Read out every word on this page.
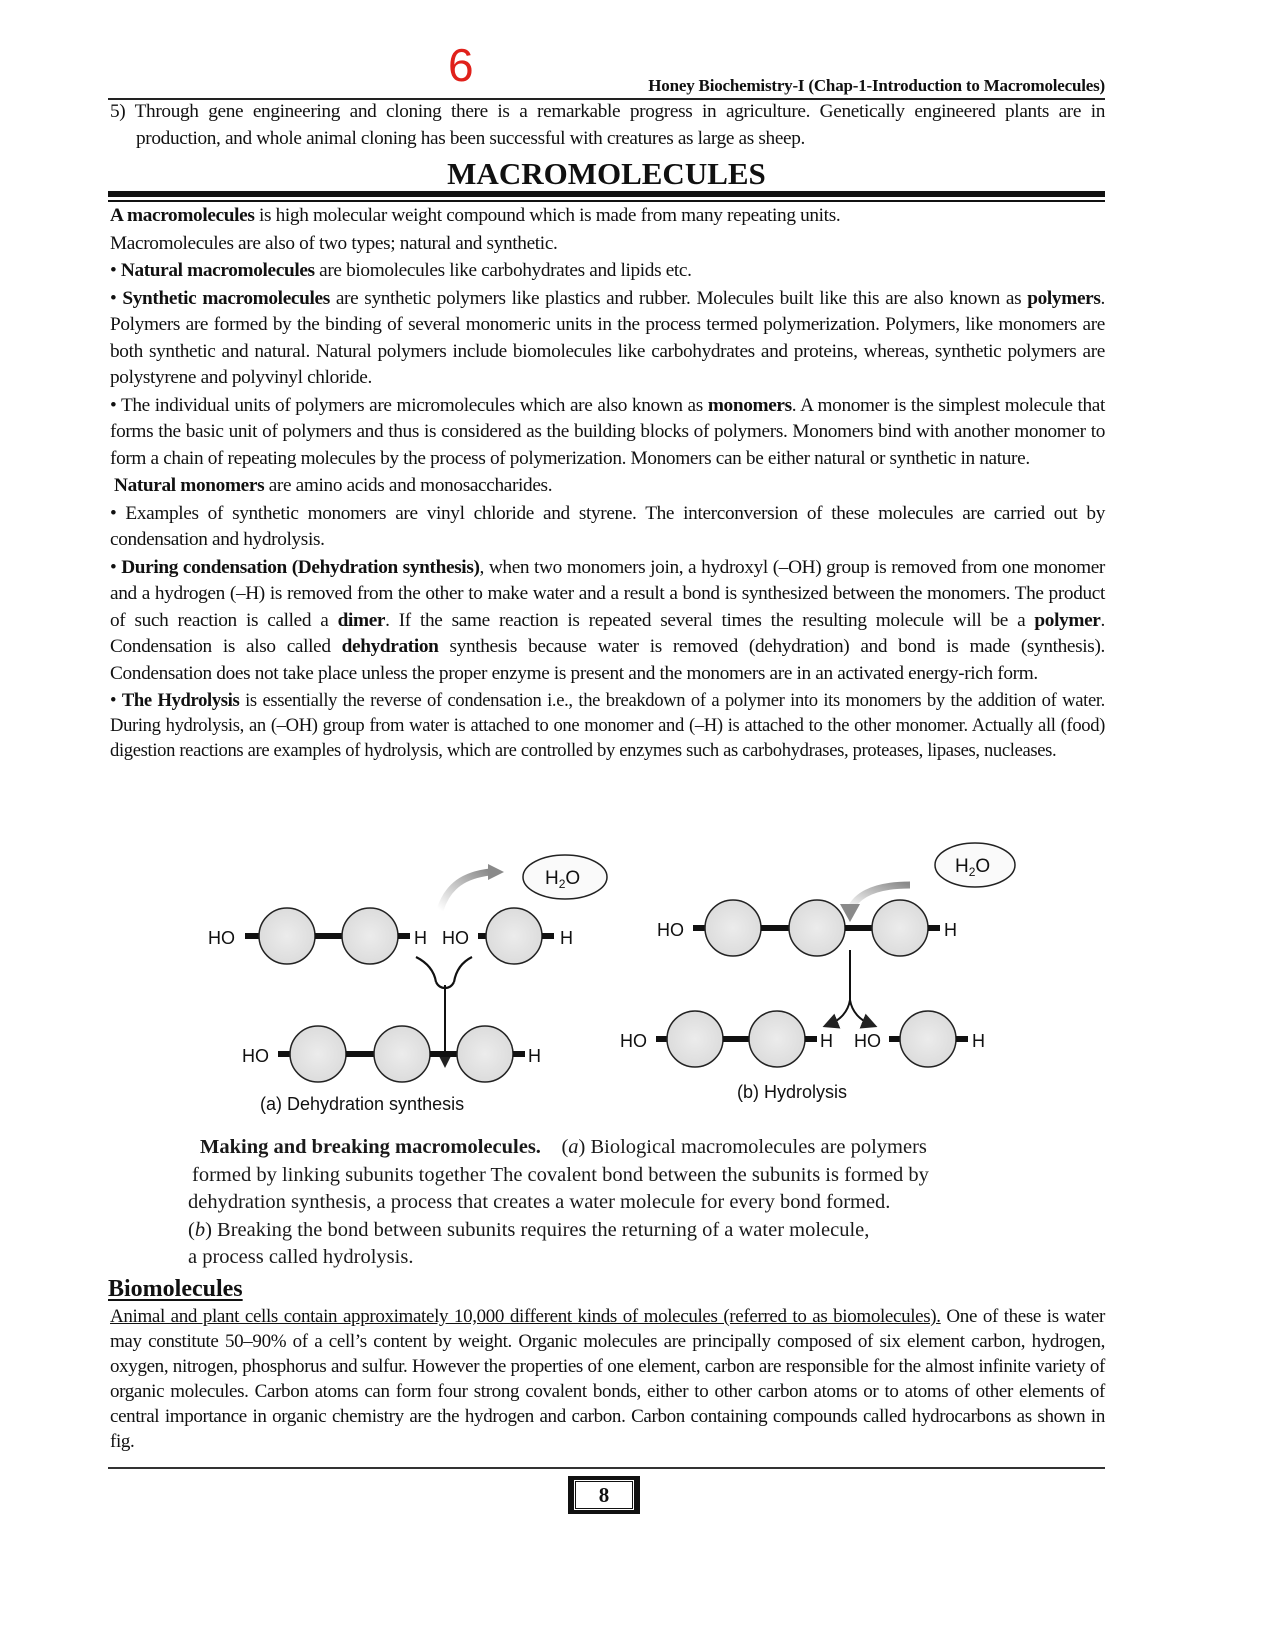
6	Honey Biochemistry-I (Chap-1-Introduction to Macromolecules)

5) Through gene engineering and cloning there is a remarkable progress in agriculture. Genetically engineered plants are in production, and whole animal cloning has been successful with creatures as large as sheep.

MACROMOLECULES

A macromolecules is high molecular weight compound which is made from many repeating units.

Macromolecules are also of two types; natural and synthetic.

• Natural macromolecules are biomolecules like carbohydrates and lipids etc.

• Synthetic macromolecules are synthetic polymers like plastics and rubber. Molecules built like this are also known as polymers. Polymers are formed by the binding of several monomeric units in the process termed polymerization. Polymers, like monomers are both synthetic and natural. Natural polymers include biomolecules like carbohydrates and proteins, whereas, synthetic polymers are polystyrene and polyvinyl chloride.

• The individual units of polymers are micromolecules which are also known as monomers. A monomer is the simplest molecule that forms the basic unit of polymers and thus is considered as the building blocks of polymers. Monomers bind with another monomer to form a chain of repeating molecules by the process of polymerization. Monomers can be either natural or synthetic in nature.

Natural monomers are amino acids and monosaccharides.

• Examples of synthetic monomers are vinyl chloride and styrene. The interconversion of these molecules are carried out by condensation and hydrolysis.

• During condensation (Dehydration synthesis), when two monomers join, a hydroxyl (–OH) group is removed from one monomer and a hydrogen (–H) is removed from the other to make water and a result a bond is synthesized between the monomers. The product of such reaction is called a dimer. If the same reaction is repeated several times the resulting molecule will be a polymer. Condensation is also called dehydration synthesis because water is removed (dehydration) and bond is made (synthesis). Condensation does not take place unless the proper enzyme is present and the monomers are in an activated energy-rich form.

• The Hydrolysis is essentially the reverse of condensation i.e., the breakdown of a polymer into its monomers by the addition of water. During hydrolysis, an (–OH) group from water is attached to one monomer and (–H) is attached to the other monomer. Actually all (food) digestion reactions are examples of hydrolysis, which are controlled by enzymes such as carbohydrases, proteases, lipases, nucleases.

$H_2O$
HO	H HO	H
HO	H
(a) Dehydration synthesis
$H_2O$
HO	H
HO	H HO	H
(b) Hydrolysis
Making and breaking macromolecules.    (a) Biological macromolecules are polymers
formed by linking subunits together The covalent bond between the subunits is formed by
dehydration synthesis, a process that creates a water molecule for every bond formed.
(b) Breaking the bond between subunits requires the returning of a water molecule,
a process called hydrolysis.
Biomolecules

Animal and plant cells contain approximately 10,000 different kinds of molecules (referred to as biomolecules). One of these is water may constitute 50–90% of a cell’s content by weight. Organic molecules are principally composed of six element carbon, hydrogen, oxygen, nitrogen, phosphorus and sulfur. However the properties of one element, carbon are responsible for the almost infinite variety of organic molecules. Carbon atoms can form four strong covalent bonds, either to other carbon atoms or to atoms of other elements of central importance in organic chemistry are the hydrogen and carbon. Carbon containing compounds called hydrocarbons as shown in fig.

8
